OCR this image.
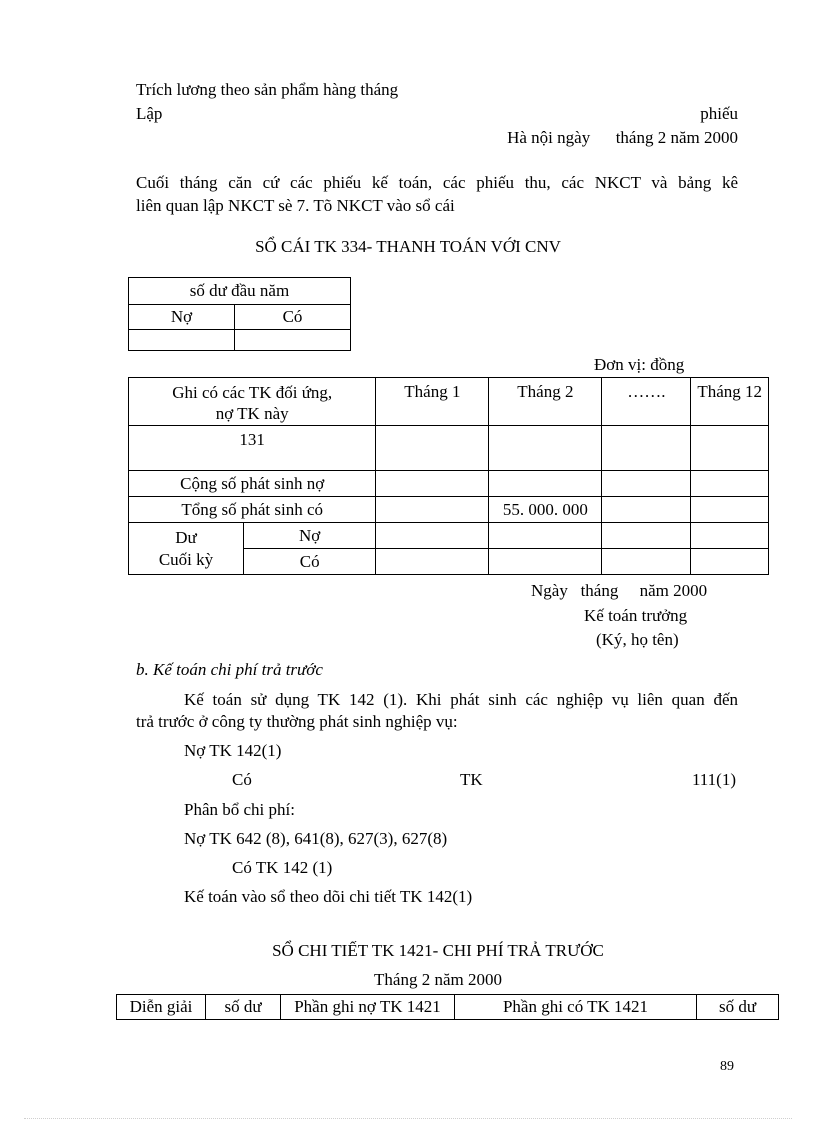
Trích lương theo sản phẩm hàng tháng
Lập	phiếu
Hà nội ngày      tháng 2 năm 2000
Cuối tháng căn cứ các phiếu kế toán, các phiếu thu, các NKCT và bảng kê
liên quan lập NKCT sè 7. Tõ NKCT vào sổ cái
SỔ CÁI TK 334- THANH TOÁN VỚI CNV
số dư đầu năm	
Nợ	Có

Đơn vị: đồng
Ghi có các TK đối ứng,
nợ TK này		Tháng 1	Tháng 2	…….	Tháng 12
131					
Cộng số phát sinh nợ					
Tổng số phát sinh có			55. 000. 000		
Dư
Cuối kỳ	Nợ				
	Có				
Ngày   tháng     năm 2000
Kế toán trưởng
(Ký, họ tên)
b. Kế toán chi phí trả trước
Kế toán sử dụng TK 142 (1). Khi phát sinh các nghiệp vụ liên quan đến
trả trước ở công ty thường phát sinh nghiệp vụ:
Nợ TK 142(1)
Có	TK	111(1)
Phân bổ chi phí:
Nợ TK 642 (8), 641(8), 627(3), 627(8)
Có TK 142 (1)
Kế toán vào sổ theo dõi chi tiết TK 142(1)
SỔ CHI TIẾT TK 1421- CHI PHÍ TRẢ TRƯỚC
Tháng 2 năm 2000
Diễn giải	số dư	Phần ghi nợ TK 1421	Phần ghi có TK 1421	số dư
89
